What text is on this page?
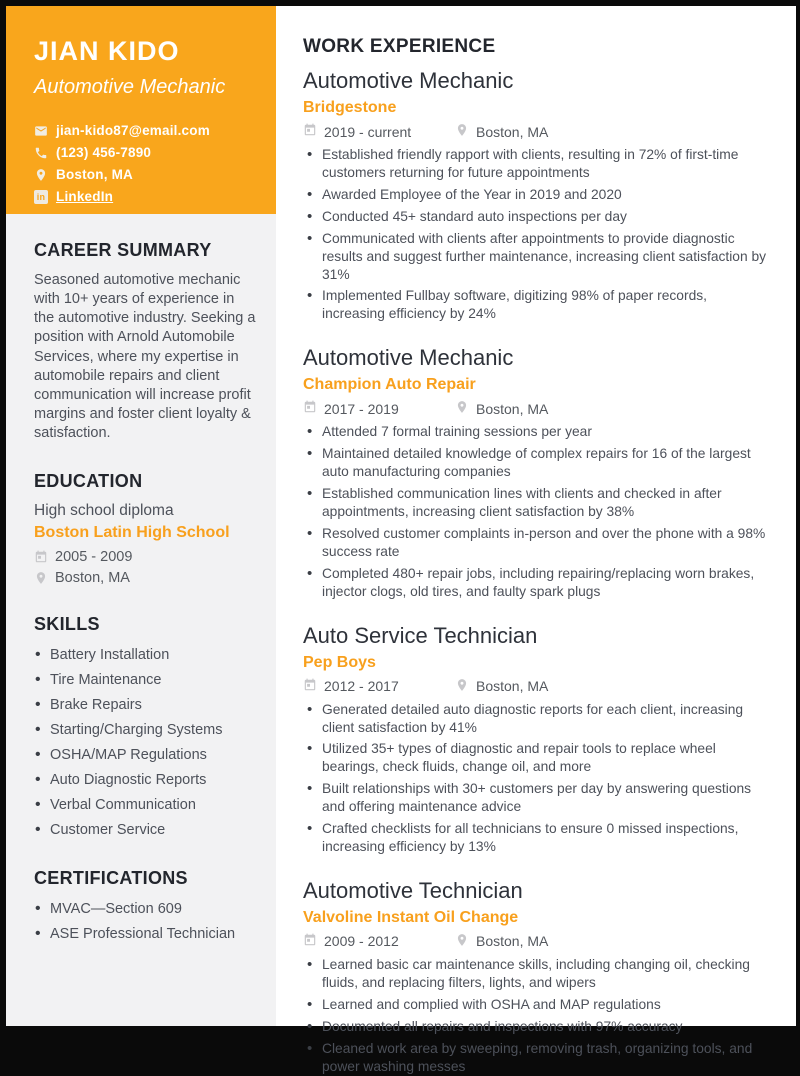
JIAN KIDO
Automotive Mechanic
jian-kido87@email.com
(123) 456-7890
Boston, MA
in LinkedIn
CAREER SUMMARY
Seasoned automotive mechanic with 10+ years of experience in the automotive industry. Seeking a position with Arnold Automobile Services, where my expertise in automobile repairs and client communication will increase profit margins and foster client loyalty & satisfaction.
EDUCATION
High school diploma
Boston Latin High School
2005 - 2009
Boston, MA
SKILLS
• Battery Installation
• Tire Maintenance
• Brake Repairs
• Starting/Charging Systems
• OSHA/MAP Regulations
• Auto Diagnostic Reports
• Verbal Communication
• Customer Service
CERTIFICATIONS
• MVAC—Section 609
• ASE Professional Technician
WORK EXPERIENCE
Automotive Mechanic
Bridgestone
2019 - current	Boston, MA
• Established friendly rapport with clients, resulting in 72% of first-time customers returning for future appointments
• Awarded Employee of the Year in 2019 and 2020
• Conducted 45+ standard auto inspections per day
• Communicated with clients after appointments to provide diagnostic results and suggest further maintenance, increasing client satisfaction by 31%
• Implemented Fullbay software, digitizing 98% of paper records, increasing efficiency by 24%
Automotive Mechanic
Champion Auto Repair
2017 - 2019	Boston, MA
• Attended 7 formal training sessions per year
• Maintained detailed knowledge of complex repairs for 16 of the largest auto manufacturing companies
• Established communication lines with clients and checked in after appointments, increasing client satisfaction by 38%
• Resolved customer complaints in-person and over the phone with a 98% success rate
• Completed 480+ repair jobs, including repairing/replacing worn brakes, injector clogs, old tires, and faulty spark plugs
Auto Service Technician
Pep Boys
2012 - 2017	Boston, MA
• Generated detailed auto diagnostic reports for each client, increasing client satisfaction by 41%
• Utilized 35+ types of diagnostic and repair tools to replace wheel bearings, check fluids, change oil, and more
• Built relationships with 30+ customers per day by answering questions and offering maintenance advice
• Crafted checklists for all technicians to ensure 0 missed inspections, increasing efficiency by 13%
Automotive Technician
Valvoline Instant Oil Change
2009 - 2012	Boston, MA
• Learned basic car maintenance skills, including changing oil, checking fluids, and replacing filters, lights, and wipers
• Learned and complied with OSHA and MAP regulations
• Documented all repairs and inspections with 97% accuracy
• Cleaned work area by sweeping, removing trash, organizing tools, and power washing messes
